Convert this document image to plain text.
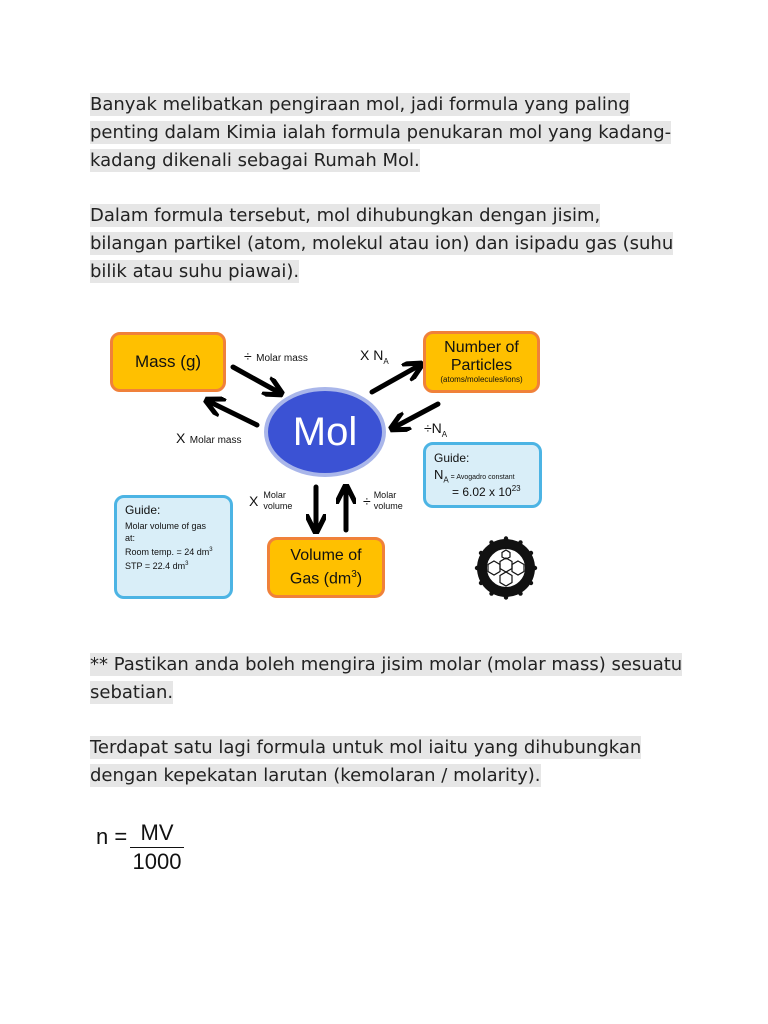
Banyak melibatkan pengiraan mol, jadi formula yang paling
penting dalam Kimia ialah formula penukaran mol yang kadang-
kadang dikenali sebagai Rumah Mol.
Dalam formula tersebut, mol dihubungkan dengan jisim,
bilangan partikel (atom, molekul atau ion) dan isipadu gas (suhu
bilik atau suhu piawai).
Mass (g)
Number of
Particles
(atoms/molecules/ions)
Volume of
Gas $(dm^3)$
Mol
Guide:
$N_A$ = Avogadro constant
= 6.02 x $10^{23}$
Guide:
Molar volume of gas
at:
Room temp. = 24 $dm^3$
STP = 22.4 $dm^3$
÷ Molar mass
X Molar mass
X $N_A$
$\div N_A$
X Molar
volume	÷ Molar
volume
** Pastikan anda boleh mengira jisim molar (molar mass) sesuatu
sebatian.
Terdapat satu lagi formula untuk mol iaitu yang dihubungkan
dengan kepekatan larutan (kemolaran / molarity).
$n = \frac{MV}{1000}$
